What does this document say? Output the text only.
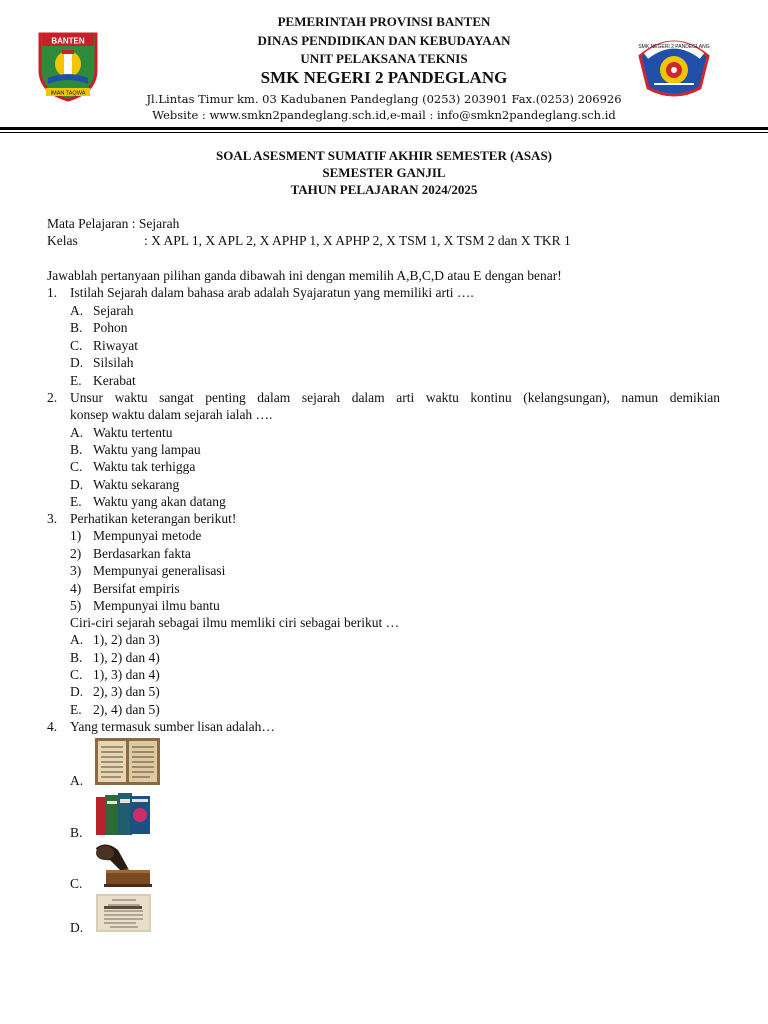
BANTEN
IMAN TAQWA
PEMERINTAH PROVINSI BANTEN
DINAS PENDIDIKAN DAN KEBUDAYAAN
UNIT PELAKSANA TEKNIS
SMK NEGERI 2 PANDEGLANG
Jl.Lintas Timur km. 03 Kadubanen Pandeglang (0253) 203901 Fax.(0253) 206926
Website : www.smkn2pandeglang.sch.id,e-mail : info@smkn2pandeglang.sch.id
SMK NEGERI 2 PANDEGLANG
SOAL ASESMENT SUMATIF AKHIR SEMESTER (ASAS)
SEMESTER GANJIL
TAHUN PELAJARAN 2024/2025
Mata Pelajaran : Sejarah
Kelas	: X APL 1, X APL 2, X APHP 1, X APHP 2, X TSM 1, X TSM 2 dan X TKR 1
Jawablah pertanyaan pilihan ganda dibawah ini dengan memilih A,B,C,D atau E dengan benar!
1. Istilah Sejarah dalam bahasa arab adalah Syajaratun yang memiliki arti ….
A. Sejarah
B. Pohon
C. Riwayat
D. Silsilah
E. Kerabat
2. Unsur waktu sangat penting dalam sejarah dalam arti waktu kontinu (kelangsungan), namun demikian
konsep waktu dalam sejarah ialah ….
A. Waktu tertentu
B. Waktu yang lampau
C. Waktu tak terhigga
D. Waktu sekarang
E. Waktu yang akan datang
3. Perhatikan keterangan berikut!
1) Mempunyai metode
2) Berdasarkan fakta
3) Mempunyai generalisasi
4) Bersifat empiris
5) Mempunyai ilmu bantu
Ciri-ciri sejarah sebagai ilmu memliki ciri sebagai berikut …
A. 1), 2) dan 3)
B. 1), 2) dan 4)
C. 1), 3) dan 4)
D. 2), 3) dan 5)
E. 2), 4) dan 5)
4. Yang termasuk sumber lisan adalah…
A.
B.
C.
D.
